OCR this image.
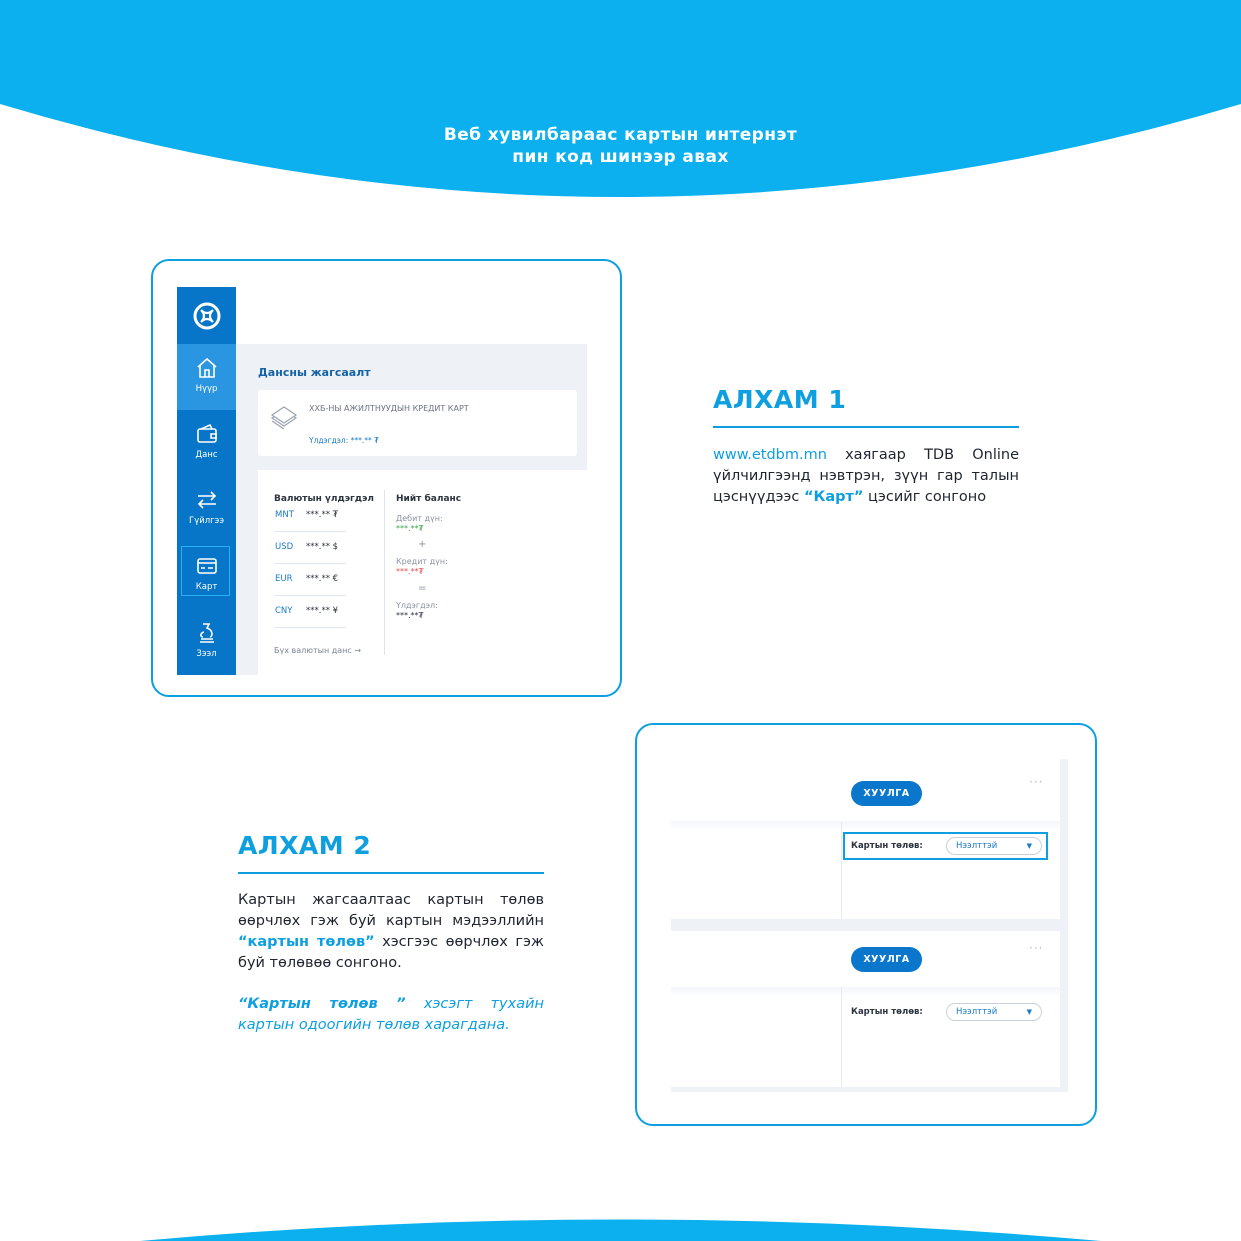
Веб хувилбараас картын интернэт
пин код шинээр авах
Нүүр
Данс
Гүйлгээ
Карт
Зээл
Дансны жагсаалт
ХХБ-НЫ АЖИЛТНУУДЫН КРЕДИТ КАРТ
Үлдэгдэл: ***.** ₮
Валютын үлдэгдэл Нийт баланс
MNT ***.** ₮
USD ***.** $
EUR ***.** €
CNY ***.** ¥
Бүх валютын данс →
Дебит дүн:
***.**₮
+
Кредит дүн:
***.**₮
=
Үлдэгдэл:
***.**₮
АЛХАМ 1
www.etdbm.mn хаягаар TDB Online үйлчилгээнд нэвтрэн, зүүн гар талын цэснүүдээс “Карт” цэсийг сонгоно
АЛХАМ 2
Картын жагсаалтаас картын төлөв өөрчлөх гэж буй картын мэдээллийн “картын төлөв” хэсгээс өөрчлөх гэж буй төлөвөө сонгоно.
“Картын төлөв ” хэсэгт тухайн картын одоогийн төлөв харагдана.
ХУУЛГА
···
Картын төлөв:	Нээлттэй	▼
ХУУЛГА
···
Картын төлөв:	Нээлттэй	▼
